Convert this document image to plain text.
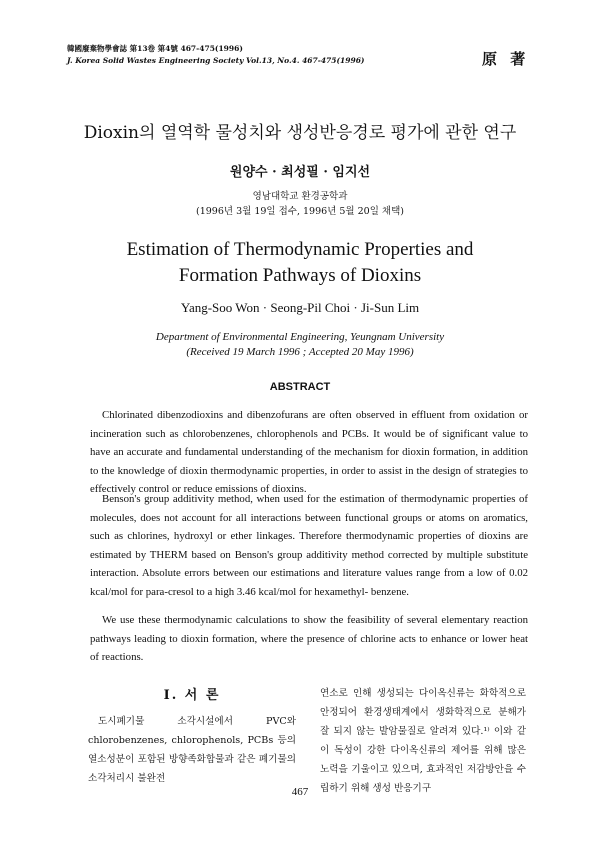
韓國廢棄物學會誌 第13卷 第4號 467-475(1996)
J. Korea Solid Wastes Engineering Society Vol.13, No.4. 467-475(1996)	原 著
Dioxin의 열역학 물성치와 생성반응경로 평가에 관한 연구
원양수 · 최성필 · 임지선
영남대학교 환경공학과
(1996년 3월 19일 접수, 1996년 5월 20일 채택)
Estimation of Thermodynamic Properties and
Formation Pathways of Dioxins
Yang-Soo Won · Seong-Pil Choi · Ji-Sun Lim
Department of Environmental Engineering, Yeungnam University
(Received 19 March 1996 ; Accepted 20 May 1996)
ABSTRACT

Chlorinated dibenzodioxins and dibenzofurans are often observed in effluent from oxidation or incineration such as chlorobenzenes, chlorophenols and PCBs. It would be of significant value to have an accurate and fundamental understanding of the mechanism for dioxin formation, in addition to the knowledge of dioxin thermodynamic properties, in order to assist in the design of strategies to effectively control or reduce emissions of dioxins.

Benson's group additivity method, when used for the estimation of thermodynamic properties of molecules, does not account for all interactions between functional groups or atoms on aromatics, such as chlorines, hydroxyl or ether linkages. Therefore thermodynamic properties of dioxins are estimated by THERM based on Benson's group additivity method corrected by multiple substitute interaction. Absolute errors between our estimations and literature values range from a low of 0.02 kcal/mol for para-cresol to a high 3.46 kcal/mol for hexamethyl- benzene.

We use these thermodynamic calculations to show the feasibility of several elementary reaction pathways leading to dioxin formation, where the presence of chlorine acts to enhance or lower heat of reactions.

Ⅰ. 서 론

도시폐기물 소각시설에서 PVC와 chlorobenzenes, chlorophenols, PCBs 등의 열소성분이 포함된 방향족화합물과 같은 폐기물의 소각처리시 불완전

연소로 인해 생성되는 다이옥신류는 화학적으로 안정되어 환경생태계에서 생화학적으로 분해가 잘 되지 않는 발암물질로 알려져 있다.¹⁾ 이와 같이 독성이 강한 다이옥신류의 제어를 위해 많은 노력을 기울이고 있으며, 효과적인 저감방안을 수립하기 위해 생성 반응기구

467
